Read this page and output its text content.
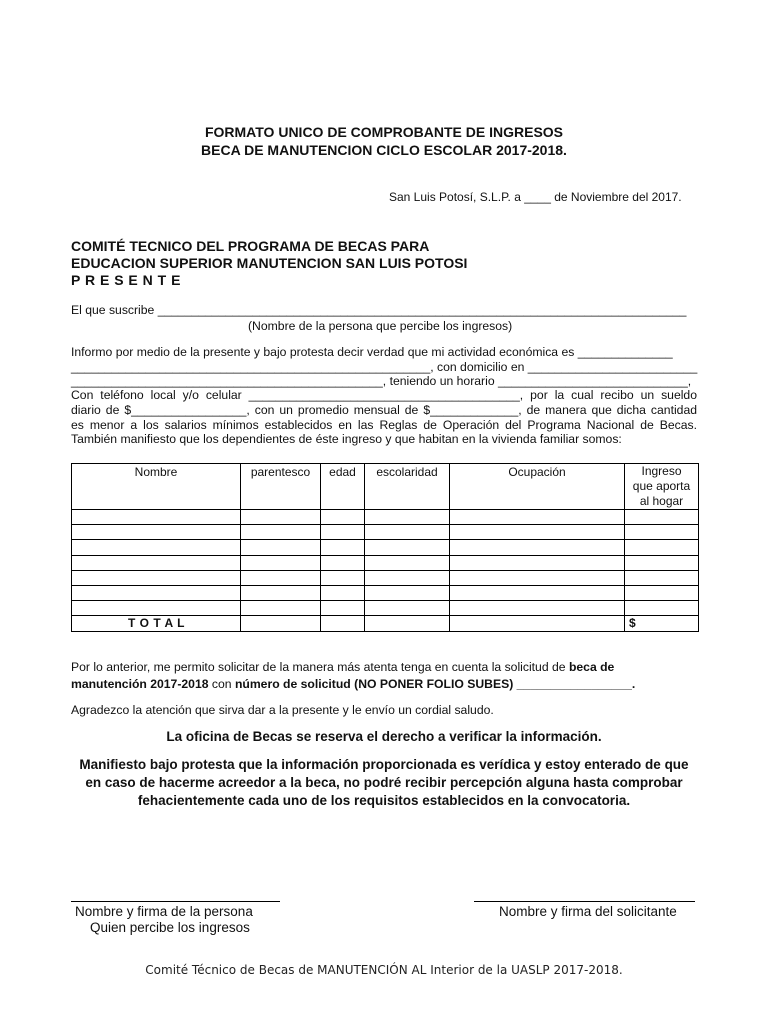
FORMATO UNICO DE COMPROBANTE DE INGRESOS
BECA DE MANUTENCION CICLO ESCOLAR 2017-2018.
San Luis Potosí, S.L.P. a ____ de Noviembre del 2017.
COMITÉ TECNICO DEL PROGRAMA DE BECAS PARA
EDUCACION SUPERIOR MANUTENCION SAN LUIS POTOSI
P R E S E N T E
El que suscribe ______________________________________________________________________________
(Nombre de la persona que percibe los ingresos)
Informo por medio de la presente y bajo protesta decir verdad que mi actividad económica es ______________
_____________________________________________________, con domicilio en _________________________
______________________________________________, teniendo un horario ____________________________,
Con teléfono local y/o celular ________________________________________, por la cual recibo un sueldo
diario de $_________________, con un promedio mensual de $_____________, de manera que dicha cantidad
es menor a los salarios mínimos establecidos en las Reglas de Operación del Programa Nacional de Becas.
También manifiesto que los dependientes de éste ingreso y que habitan en la vivienda familiar somos:
Nombre	parentesco	edad	escolaridad	Ocupación	Ingreso que aporta al hogar

T O T A L					$
Por lo anterior, me permito solicitar de la manera más atenta tenga en cuenta la solicitud de beca de
manutención 2017-2018 con número de solicitud (NO PONER FOLIO SUBES) _________________.
Agradezco la atención que sirva dar a la presente y le envío un cordial saludo.
La oficina de Becas se reserva el derecho a verificar la información.
Manifiesto bajo protesta que la información proporcionada es verídica y estoy enterado de que
en caso de hacerme acreedor a la beca, no podré recibir percepción alguna hasta comprobar
fehacientemente cada uno de los requisitos establecidos en la convocatoria.
Nombre y firma de la persona
Quien percibe los ingresos
Nombre y firma del solicitante
Comité Técnico de Becas de MANUTENCIÓN AL Interior de la UASLP 2017-2018.
